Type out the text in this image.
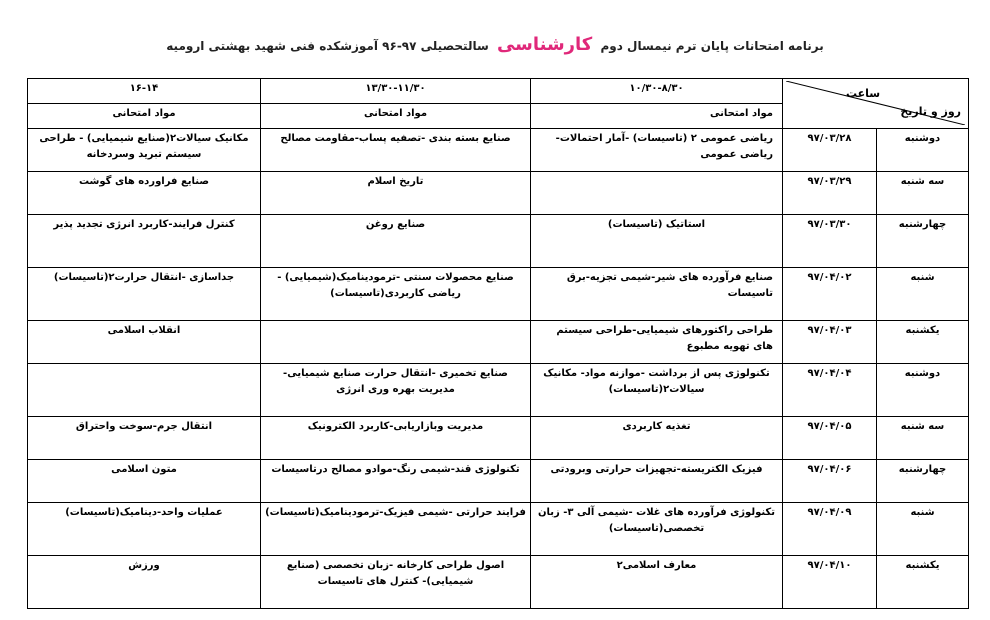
برنامه امتحانات پایان ترم نیمسال دوم کارشناسی سالتحصیلی ۹۷-۹۶ آموزشکده فنی شهید بهشتی ارومیه
ساعت
روز و تاریخ		۱۰/۳۰-۸/۳۰	۱۳/۳۰-۱۱/۳۰	۱۶-۱۴

		مواد امتحانی	مواد امتحانی	مواد امتحانی

دوشنبه	۹۷/۰۳/۲۸	ریاضی عمومی ۲ (تاسیسات) -آمار احتمالات-ریاضی عمومی	صنایع بسته بندی -تصفیه پساب-مقاومت مصالح	مکانیک سیالات۲(صنایع شیمیایی) - طراحی سیستم تبرید وسردخانه

سه شنبه	۹۷/۰۳/۲۹		تاریخ اسلام	صنایع فراورده های گوشت

چهارشنبه	۹۷/۰۳/۳۰	استاتیک (تاسیسات)	صنایع روغن	کنترل فرایند-کاربرد انرژی تجدید پذیر

شنبه	۹۷/۰۴/۰۲	صنایع فرآورده های شیر-شیمی تجزیه-برق تاسیسات	صنایع محصولات سنتی -ترمودینامیک(شیمیایی) - ریاضی کاربردی(تاسیسات)	جداسازی -انتقال حرارت۲(تاسیسات)

یکشنبه	۹۷/۰۴/۰۳	طراحی راکتورهای شیمیایی-طراحی سیستم های تهویه مطبوع		انقلاب اسلامی

دوشنبه	۹۷/۰۴/۰۴	تکنولوژی پس از برداشت -موازنه مواد- مکانیک سیالات۲(تاسیسات)	صنایع تخمیری -انتقال حرارت صنایع شیمیایی- مدیریت بهره وری انرژی	

سه شنبه	۹۷/۰۴/۰۵	تغذیه کاربردی	مدیریت وبازاریابی-کاربرد الکترونیک	انتقال جرم-سوخت واحتراق

چهارشنبه	۹۷/۰۴/۰۶	فیزیک الکتریسته-تجهیزات حرارتی وبرودتی	تکنولوژی قند-شیمی رنگ-موادو مصالح درتاسیسات	متون اسلامی

شنبه	۹۷/۰۴/۰۹	تکنولوژی فرآورده های غلات -شیمی آلی ۳- زبان تخصصی(تاسیسات)	فرایند حرارتی -شیمی فیزیک-ترمودینامیک(تاسیسات)	عملیات واحد-دینامیک(تاسیسات)

یکشنبه	۹۷/۰۴/۱۰	معارف اسلامی۲	اصول طراحی کارخانه -زبان تخصصی (صنایع شیمیایی)- کنترل های تاسیسات	ورزش
